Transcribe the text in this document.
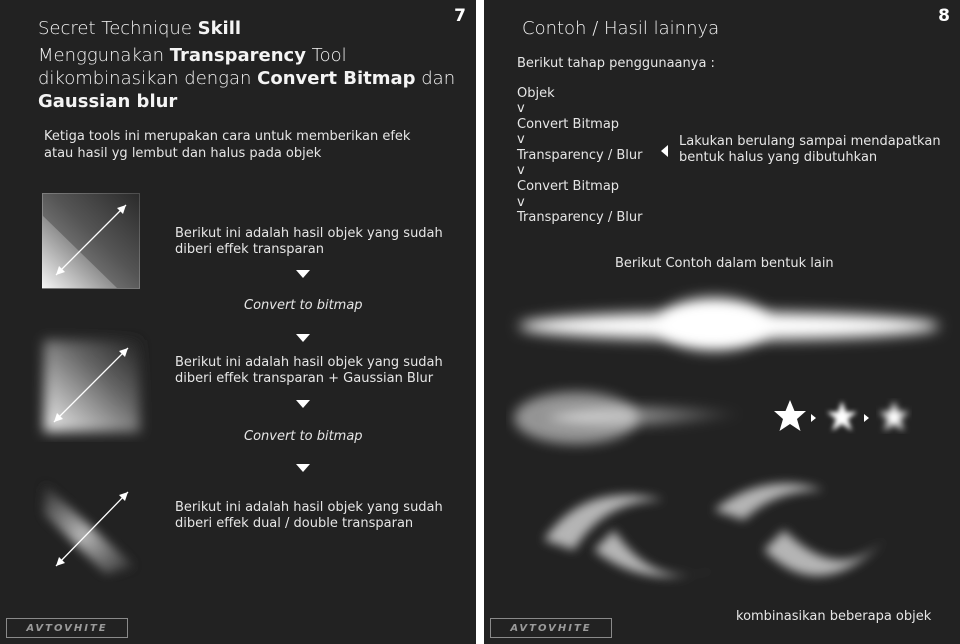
7
Secret Technique Skill
Menggunakan Transparency Tool
dikombinasikan dengan Convert Bitmap dan
Gaussian blur
Ketiga tools ini merupakan cara untuk memberikan efek
atau hasil yg lembut dan halus pada objek
Berikut ini adalah hasil objek yang sudah
diberi effek transparan
Convert to bitmap
Berikut ini adalah hasil objek yang sudah
diberi effek transparan + Gaussian Blur
Convert to bitmap
Berikut ini adalah hasil objek yang sudah
diberi effek dual / double transparan
AVTOVHITE
8
Contoh / Hasil lainnya
Berikut tahap penggunaanya :
Objek
v
Convert Bitmap
v
Transparency / Blur
v
Convert Bitmap
v
Transparency / Blur
Lakukan berulang sampai mendapatkan
bentuk halus yang dibutuhkan
Berikut Contoh dalam bentuk lain
kombinasikan beberapa objek
AVTOVHITE
